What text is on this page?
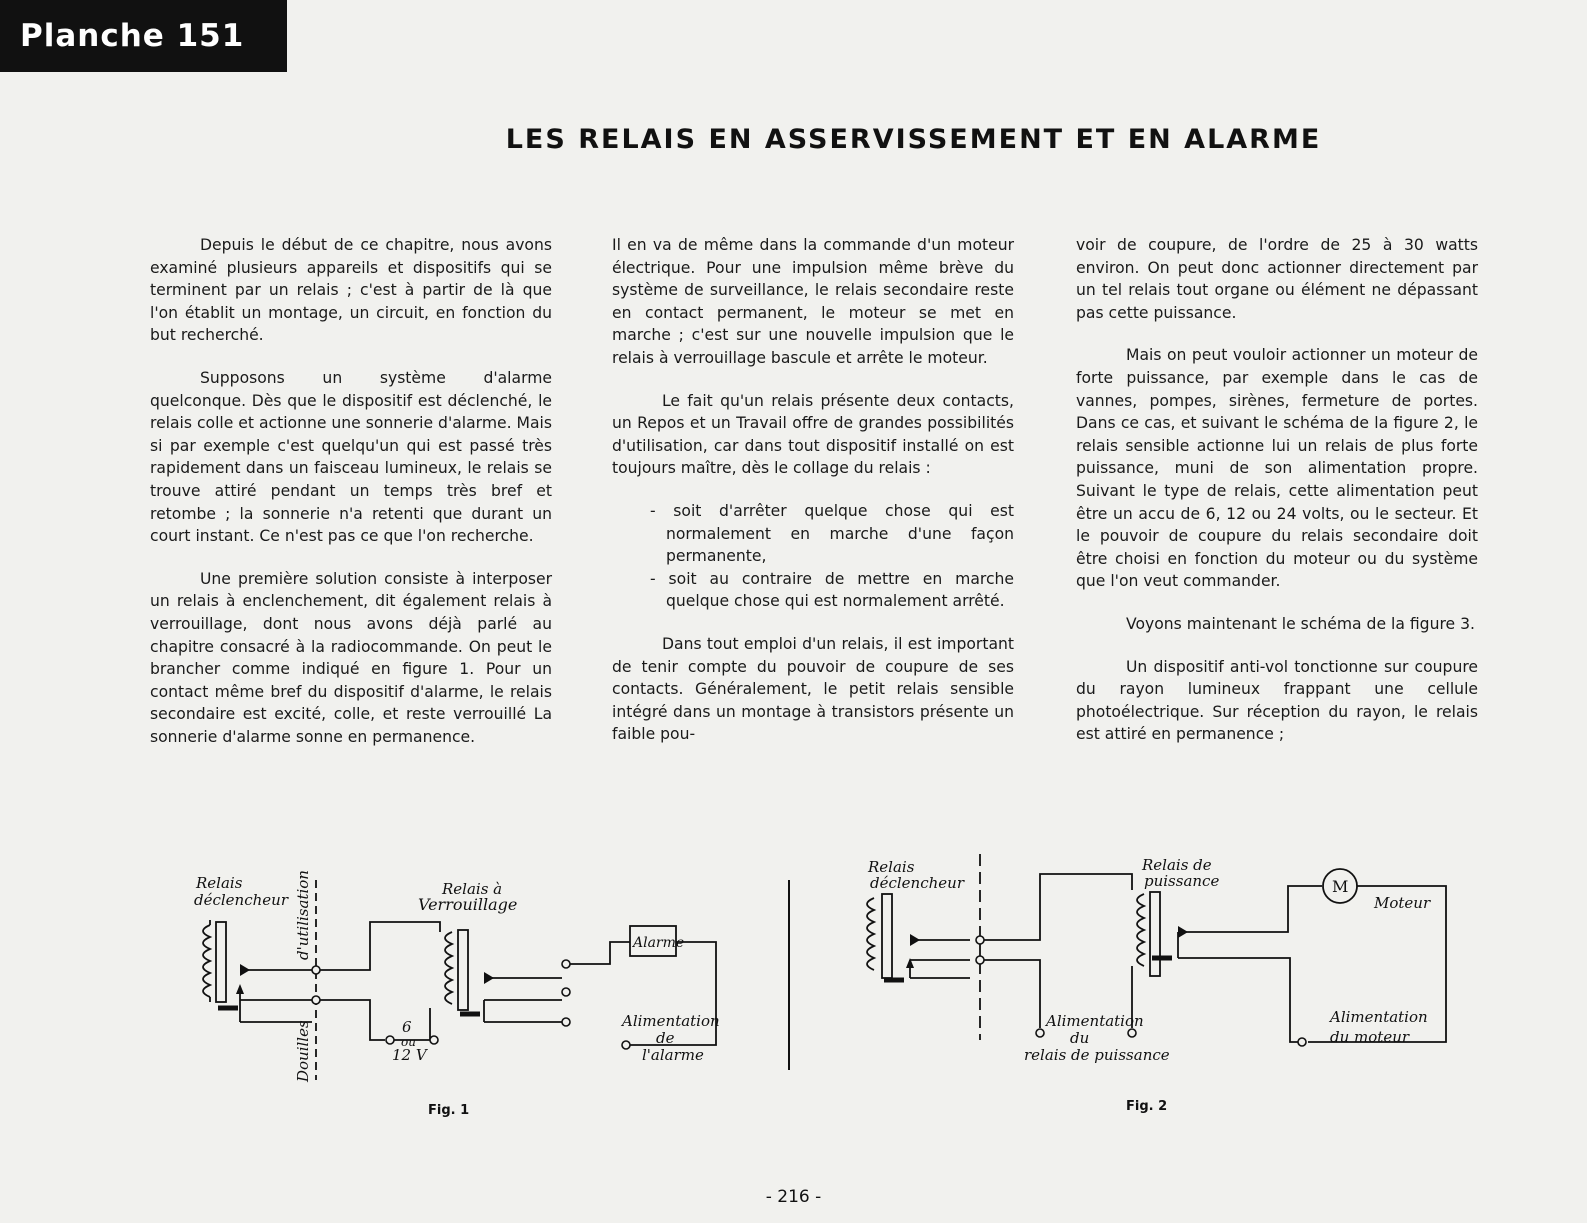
Planche 151
LES RELAIS EN ASSERVISSEMENT ET EN ALARME

Depuis le début de ce chapitre, nous avons examiné plusieurs appareils et dispositifs qui se terminent par un relais ; c'est à partir de là que l'on établit un montage, un circuit, en fonction du but recherché.

Supposons un système d'alarme quelconque. Dès que le dispositif est déclenché, le relais colle et actionne une sonnerie d'alarme. Mais si par exemple c'est quelqu'un qui est passé très rapidement dans un faisceau lumineux, le relais se trouve attiré pendant un temps très bref et retombe ; la sonnerie n'a retenti que durant un court instant. Ce n'est pas ce que l'on recherche.

Une première solution consiste à interposer un relais à enclenchement, dit également relais à verrouillage, dont nous avons déjà parlé au chapitre consacré à la radiocommande. On peut le brancher comme indiqué en figure 1. Pour un contact même bref du dispositif d'alarme, le relais secondaire est excité, colle, et reste verrouillé La sonnerie d'alarme sonne en permanence.

Il en va de même dans la commande d'un moteur électrique. Pour une impulsion même brève du système de surveillance, le relais secondaire reste en contact permanent, le moteur se met en marche ; c'est sur une nouvelle impulsion que le relais à verrouillage bascule et arrête le moteur.

Le fait qu'un relais présente deux contacts, un Repos et un Travail offre de grandes possibilités d'utilisation, car dans tout dispositif installé on est toujours maître, dès le collage du relais :

- soit d'arrêter quelque chose qui est normalement en marche d'une façon permanente,
- soit au contraire de mettre en marche quelque chose qui est normalement arrêté.

Dans tout emploi d'un relais, il est important de tenir compte du pouvoir de coupure de ses contacts. Généralement, le petit relais sensible intégré dans un montage à transistors présente un faible pou-

voir de coupure, de l'ordre de 25 à 30 watts environ. On peut donc actionner directement par un tel relais tout organe ou élément ne dépassant pas cette puissance.

Mais on peut vouloir actionner un moteur de forte puissance, par exemple dans le cas de vannes, pompes, sirènes, fermeture de portes. Dans ce cas, et suivant le schéma de la figure 2, le relais sensible actionne lui un relais de plus forte puissance, muni de son alimentation propre. Suivant le type de relais, cette alimentation peut être un accu de 6, 12 ou 24 volts, ou le secteur. Et le pouvoir de coupure du relais secondaire doit être choisi en fonction du moteur ou du système que l'on veut commander.

Voyons maintenant le schéma de la figure 3.

Un dispositif anti-vol tonctionne sur coupure du rayon lumineux frappant une cellule photoélectrique. Sur réception du rayon, le relais est attiré en permanence ;

Relais
déclencheur d'utilisation
Douilles
Relais à
Verrouillage
6
ou
12 V
Alarme
Alimentation
de
l'alarme
Fig. 1
Relais
déclencheur
Relais de
puissance	M
Moteur
Alimentation
du
relais de puissance
Alimentation
du moteur
Fig. 2
- 216 -
